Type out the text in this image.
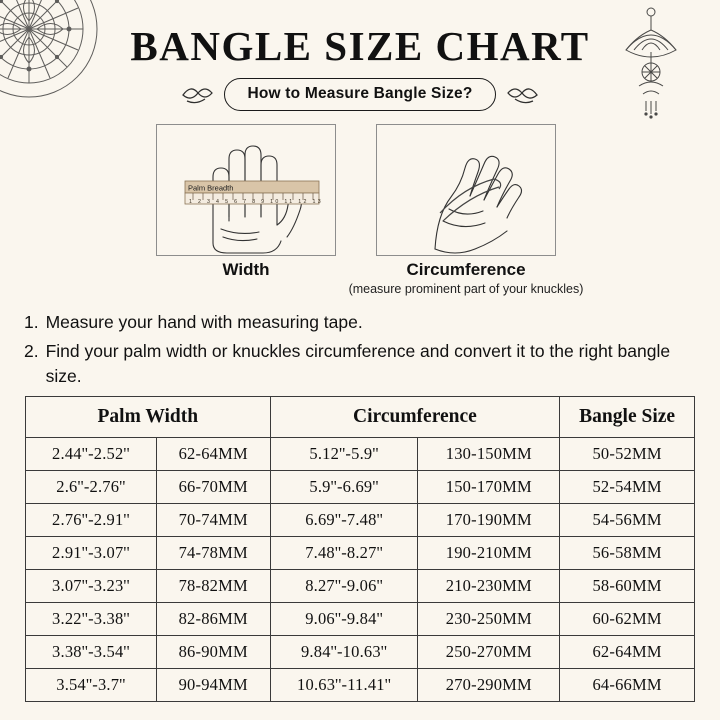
BANGLE SIZE CHART
How to Measure Bangle Size?
Palm Breadth
1 2 3 4 5 6 7 8 9 10 11 12 13
Width	Circumference
(measure prominent part of your knuckles)
1. Measure your hand with measuring tape.
2. Find your palm width or knuckles circumference and convert it to the right bangle size.
Palm Width		Circumference		Bangle Size
2.44''-2.52''	62-64MM	5.12''-5.9''	130-150MM	50-52MM
2.6''-2.76''	66-70MM	5.9''-6.69''	150-170MM	52-54MM
2.76''-2.91''	70-74MM	6.69''-7.48''	170-190MM	54-56MM
2.91''-3.07''	74-78MM	7.48''-8.27''	190-210MM	56-58MM
3.07''-3.23''	78-82MM	8.27''-9.06''	210-230MM	58-60MM
3.22''-3.38''	82-86MM	9.06''-9.84''	230-250MM	60-62MM
3.38''-3.54''	86-90MM	9.84''-10.63''	250-270MM	62-64MM
3.54''-3.7''	90-94MM	10.63''-11.41''	270-290MM	64-66MM
